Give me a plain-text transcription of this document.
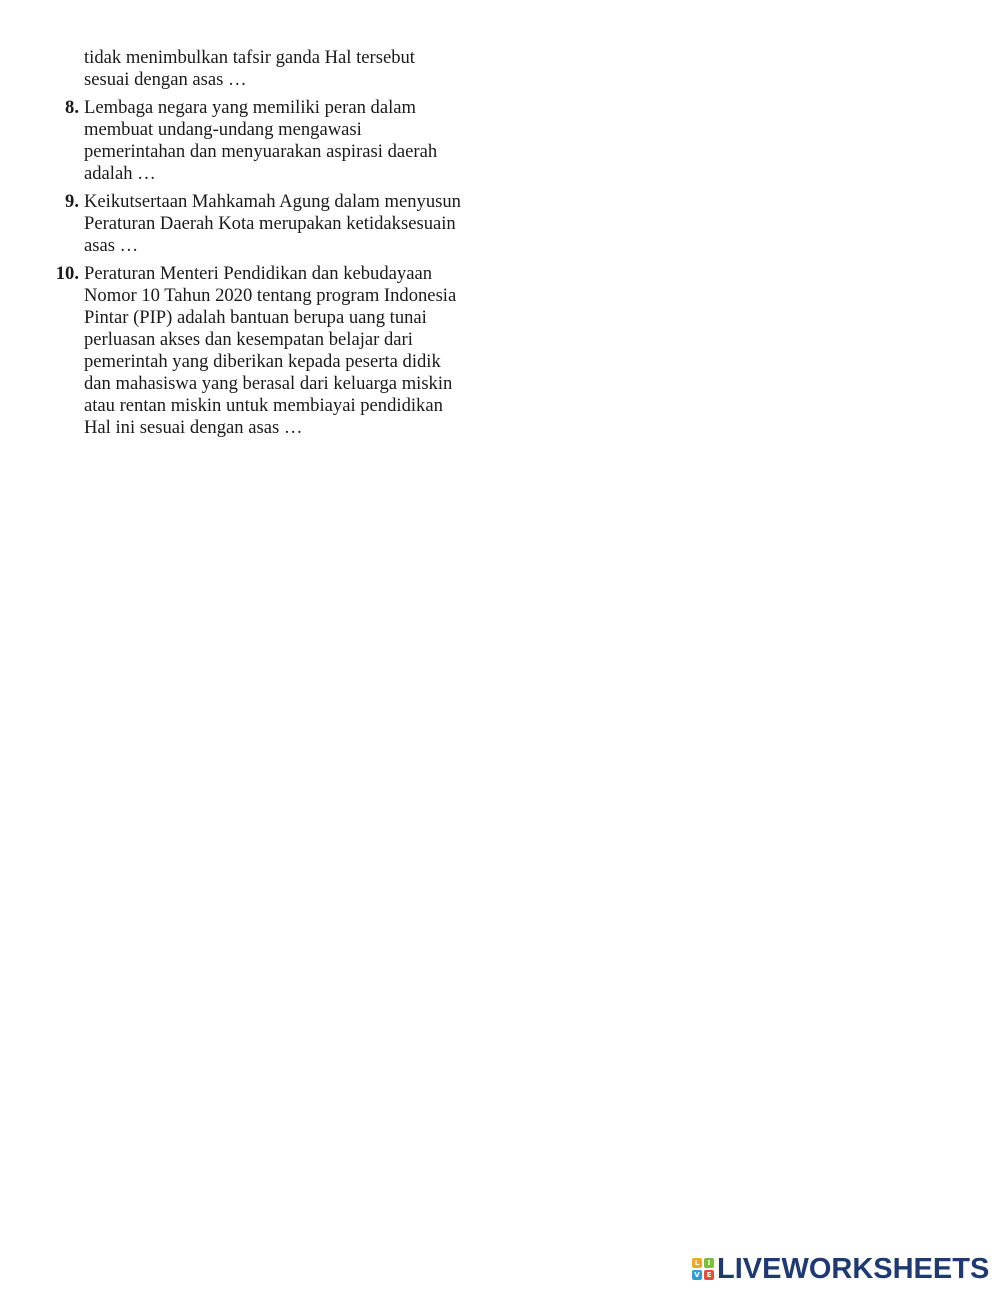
tidak menimbulkan tafsir ganda Hal tersebut
sesuai dengan asas …
8. Lembaga negara yang memiliki peran dalam
membuat undang-undang mengawasi
pemerintahan dan menyuarakan aspirasi daerah
adalah …
9. Keikutsertaan Mahkamah Agung dalam menyusun
Peraturan Daerah Kota merupakan ketidaksesuain
asas …
10. Peraturan Menteri Pendidikan dan kebudayaan
Nomor 10 Tahun 2020 tentang program Indonesia
Pintar (PIP) adalah bantuan berupa uang tunai
perluasan akses dan kesempatan belajar dari
pemerintah yang diberikan kepada peserta didik
dan mahasiswa yang berasal dari keluarga miskin
atau rentan miskin untuk membiayai pendidikan
Hal ini sesuai dengan asas …
L	I
V E LIVEWORKSHEETS
